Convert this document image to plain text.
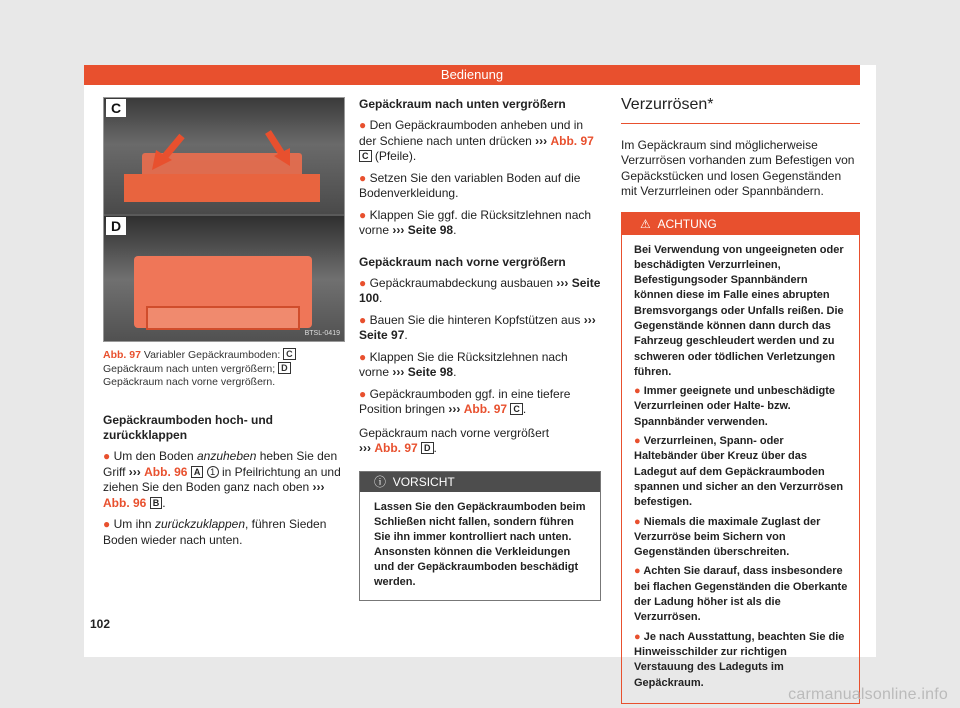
Bedienung
C
D
BTSL-0419
Abb. 97 Variabler Gepäckraumboden: C Gepäckraum nach unten vergrößern; D Gepäckraum nach vorne vergrößern.
Gepäckraumboden hoch- und zurückklappen

● Um den Boden anzuheben heben Sie den Griff ››› Abb. 96 A 1 in Pfeilrichtung an und ziehen Sie den Boden ganz nach oben ››› Abb. 96 B .

● Um ihn zurückzuklappen, führen Sieden Boden wieder nach unten.

Gepäckraum nach unten vergrößern

● Den Gepäckraumboden anheben und in der Schiene nach unten drücken ››› Abb. 97
C (Pfeile).

● Setzen Sie den variablen Boden auf die Bodenverkleidung.

● Klappen Sie ggf. die Rücksitzlehnen nach vorne ››› Seite 98.

Gepäckraum nach vorne vergrößern

● Gepäckraumabdeckung ausbauen ››› Seite 100.

● Bauen Sie die hinteren Kopfstützen aus ››› Seite 97.

● Klappen Sie die Rücksitzlehnen nach vorne ››› Seite 98.

● Gepäckraumboden ggf. in eine tiefere Position bringen ››› Abb. 97 C .

Gepäckraum nach vorne vergrößert
››› Abb. 97 D .

ⓘ VORSICHT
Lassen Sie den Gepäckraumboden beim Schließen nicht fallen, sondern führen Sie ihn immer kontrolliert nach unten. Ansonsten können die Verkleidungen und der Gepäckraumboden beschädigt werden.
Verzurrösen*

Im Gepäckraum sind möglicherweise Verzurrösen vorhanden zum Befestigen von Gepäckstücken und losen Gegenständen mit Verzurrleinen oder Spannbändern.

⚠ ACHTUNG

Bei Verwendung von ungeeigneten oder beschädigten Verzurrleinen, Befestigungsoder Spannbändern können diese im Falle eines abrupten Bremsvorgangs oder Unfalls reißen. Die Gegenstände können dann durch das Fahrzeug geschleudert werden und zu schweren oder tödlichen Verletzungen führen.

● Immer geeignete und unbeschädigte Verzurrleinen oder Halte- bzw. Spannbänder verwenden.

● Verzurrleinen, Spann- oder Haltebänder über Kreuz über das Ladegut auf dem Gepäckraumboden spannen und sicher an den Verzurrösen befestigen.

● Niemals die maximale Zuglast der Verzurröse beim Sichern von Gegenständen überschreiten.

● Achten Sie darauf, dass insbesondere bei flachen Gegenständen die Oberkante der Ladung höher ist als die Verzurrösen.

● Je nach Ausstattung, beachten Sie die Hinweisschilder zur richtigen Verstauung des Ladeguts im Gepäckraum.

102
carmanualsonline.info
